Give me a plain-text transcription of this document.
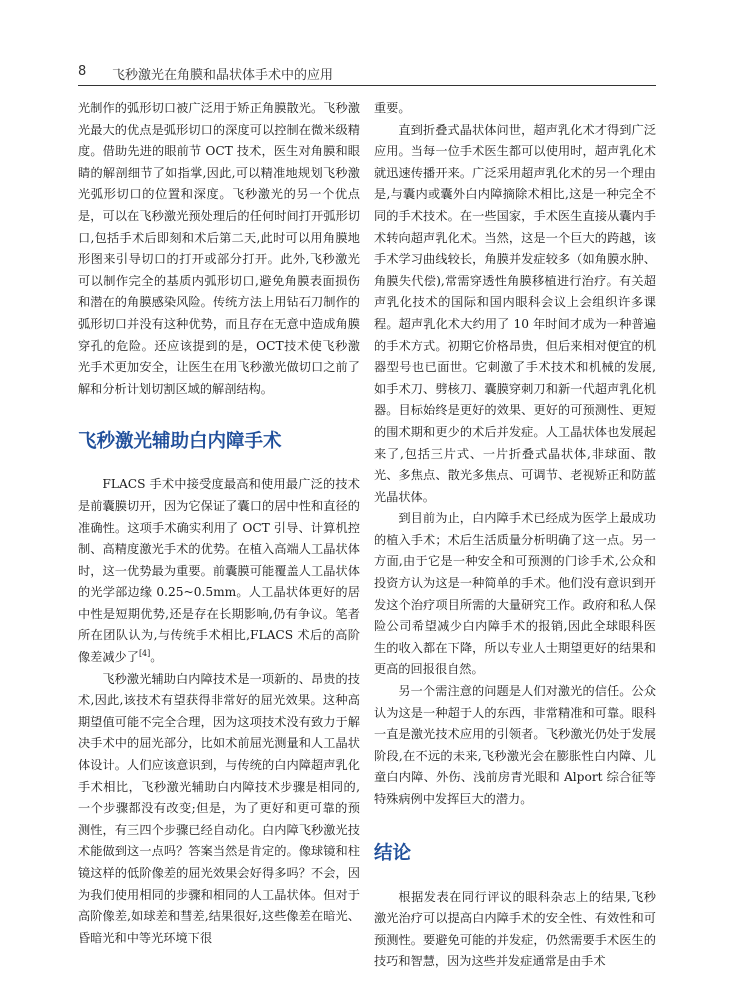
8 飞秒激光在角膜和晶状体手术中的应用

光制作的弧形切口被广泛用于矫正角膜散光。飞秒激光最大的优点是弧形切口的深度可以控制在微米级精度。借助先进的眼前节 OCT 技术，医生对角膜和眼睛的解剖细节了如指掌,因此,可以精准地规划飞秒激光弧形切口的位置和深度。飞秒激光的另一个优点是，可以在飞秒激光预处理后的任何时间打开弧形切口,包括手术后即刻和术后第二天,此时可以用角膜地形图来引导切口的打开或部分打开。此外,飞秒激光可以制作完全的基质内弧形切口,避免角膜表面损伤和潜在的角膜感染风险。传统方法上用钻石刀制作的弧形切口并没有这种优势，而且存在无意中造成角膜穿孔的危险。还应该提到的是，OCT技术使飞秒激光手术更加安全，让医生在用飞秒激光做切口之前了解和分析计划切割区域的解剖结构。

飞秒激光辅助白内障手术

FLACS 手术中接受度最高和使用最广泛的技术是前囊膜切开，因为它保证了囊口的居中性和直径的准确性。这项手术确实利用了 OCT 引导、计算机控制、高精度激光手术的优势。在植入高端人工晶状体时，这一优势最为重要。前囊膜可能覆盖人工晶状体的光学部边缘 0.25~0.5mm。人工晶状体更好的居中性是短期优势,还是存在长期影响,仍有争议。笔者所在团队认为,与传统手术相比,FLACS 术后的高阶像差减少了[4]。

飞秒激光辅助白内障技术是一项新的、昂贵的技术,因此,该技术有望获得非常好的屈光效果。这种高期望值可能不完全合理，因为这项技术没有致力于解决手术中的屈光部分，比如术前屈光测量和人工晶状体设计。人们应该意识到，与传统的白内障超声乳化手术相比，飞秒激光辅助白内障技术步骤是相同的,一个步骤都没有改变;但是，为了更好和更可靠的预测性，有三四个步骤已经自动化。白内障飞秒激光技术能做到这一点吗？答案当然是肯定的。像球镜和柱镜这样的低阶像差的屈光效果会好得多吗？不会，因为我们使用相同的步骤和相同的人工晶状体。但对于高阶像差,如球差和彗差,结果很好,这些像差在暗光、昏暗光和中等光环境下很

重要。

直到折叠式晶状体问世，超声乳化术才得到广泛应用。当每一位手术医生都可以使用时，超声乳化术就迅速传播开来。广泛采用超声乳化术的另一个理由是,与囊内或囊外白内障摘除术相比,这是一种完全不同的手术技术。在一些国家，手术医生直接从囊内手术转向超声乳化术。当然，这是一个巨大的跨越，该手术学习曲线较长，角膜并发症较多（如角膜水肿、角膜失代偿),常需穿透性角膜移植进行治疗。有关超声乳化技术的国际和国内眼科会议上会组织许多课程。超声乳化术大约用了 10 年时间才成为一种普遍的手术方式。初期它价格昂贵，但后来相对便宜的机器型号也已面世。它刺激了手术技术和机械的发展,如手术刀、劈核刀、囊膜穿刺刀和新一代超声乳化机器。目标始终是更好的效果、更好的可预测性、更短的围术期和更少的术后并发症。人工晶状体也发展起来了,包括三片式、一片折叠式晶状体,非球面、散光、多焦点、散光多焦点、可调节、老视矫正和防蓝光晶状体。

到目前为止，白内障手术已经成为医学上最成功的植入手术；术后生活质量分析明确了这一点。另一方面,由于它是一种安全和可预测的门诊手术,公众和投资方认为这是一种简单的手术。他们没有意识到开发这个治疗项目所需的大量研究工作。政府和私人保险公司希望减少白内障手术的报销,因此全球眼科医生的收入都在下降，所以专业人士期望更好的结果和更高的回报很自然。

另一个需注意的问题是人们对激光的信任。公众认为这是一种超于人的东西，非常精准和可靠。眼科一直是激光技术应用的引领者。飞秒激光仍处于发展阶段,在不远的未来,飞秒激光会在膨胀性白内障、儿童白内障、外伤、浅前房青光眼和 Alport 综合征等特殊病例中发挥巨大的潜力。

结论

根据发表在同行评议的眼科杂志上的结果,飞秒激光治疗可以提高白内障手术的安全性、有效性和可预测性。要避免可能的并发症，仍然需要手术医生的技巧和智慧，因为这些并发症通常是由手术
